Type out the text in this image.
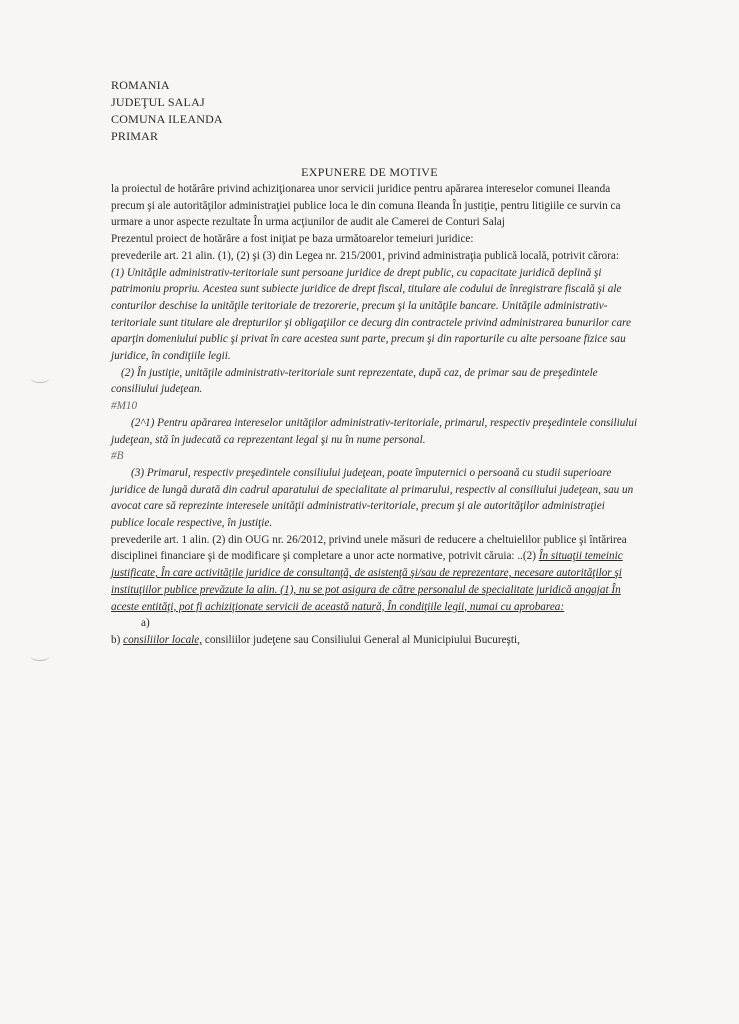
ROMANIA
JUDEŢUL SALAJ
COMUNA ILEANDA
PRIMAR
EXPUNERE DE MOTIVE

la proiectul de hotărâre privind achiziţionarea unor servicii juridice pentru apărarea intereselor comunei Ileanda precum şi ale autorităţilor administraţiei publice loca le din comuna Ileanda În justiţie, pentru litigiile ce survin ca urmare a unor aspecte rezultate În urma acţiunilor de audit ale Camerei de Conturi Salaj

Prezentul proiect de hotărâre a fost iniţiat pe baza următoarelor temeiuri juridice:

prevederile art. 21 alin. (1), (2) şi (3) din Legea nr. 215/2001, privind administraţia publică locală, potrivit cărora:

(1) Unităţile administrativ-teritoriale sunt persoane juridice de drept public, cu capacitate juridică deplină şi patrimoniu propriu. Acestea sunt subiecte juridice de drept fiscal, titulare ale codului de înregistrare fiscală şi ale conturilor deschise la unităţile teritoriale de trezorerie, precum şi la unităţile bancare. Unităţile administrativ-teritoriale sunt titulare ale drepturilor şi obligaţiilor ce decurg din contractele privind administrarea bunurilor care aparţin domeniului public şi privat în care acestea sunt parte, precum şi din raporturile cu alte persoane fizice sau juridice, în condiţiile legii.

(2) În justiţie, unităţile administrativ-teritoriale sunt reprezentate, după caz, de primar sau de preşedintele consiliului judeţean.

#M10

(2^1) Pentru apărarea intereselor unităţilor administrativ-teritoriale, primarul, respectiv preşedintele consiliului judeţean, stă în judecată ca reprezentant legal şi nu în nume personal.

#B

(3) Primarul, respectiv preşedintele consiliului judeţean, poate împuternici o persoană cu studii superioare juridice de lungă durată din cadrul aparatului de specialitate al primarului, respectiv al consiliului judeţean, sau un avocat care să reprezinte interesele unităţii administrativ-teritoriale, precum şi ale autorităţilor administraţiei publice locale respective, în justiţie.

prevederile art. 1 alin. (2) din OUG nr. 26/2012, privind unele măsuri de reducere a cheltuielilor publice şi întărirea disciplinei financiare şi de modificare şi completare a unor acte normative, potrivit căruia: ..(2) În situaţii temeinic justificate, În care activităţile juridice de consultanţă, de asistenţă şi/sau de reprezentare, necesare autorităţilor şi instituţiilor publice prevăzute la alin. (1), nu se pot asigura de către personalul de specialitate juridică angajat În aceste entităţi, pot fi achiziţionate servicii de această natură, În condiţiile legii, numai cu aprobarea:

a)

b) consiliilor locale, consiliilor judeţene sau Consiliului General al Municipiului Bucureşti,
